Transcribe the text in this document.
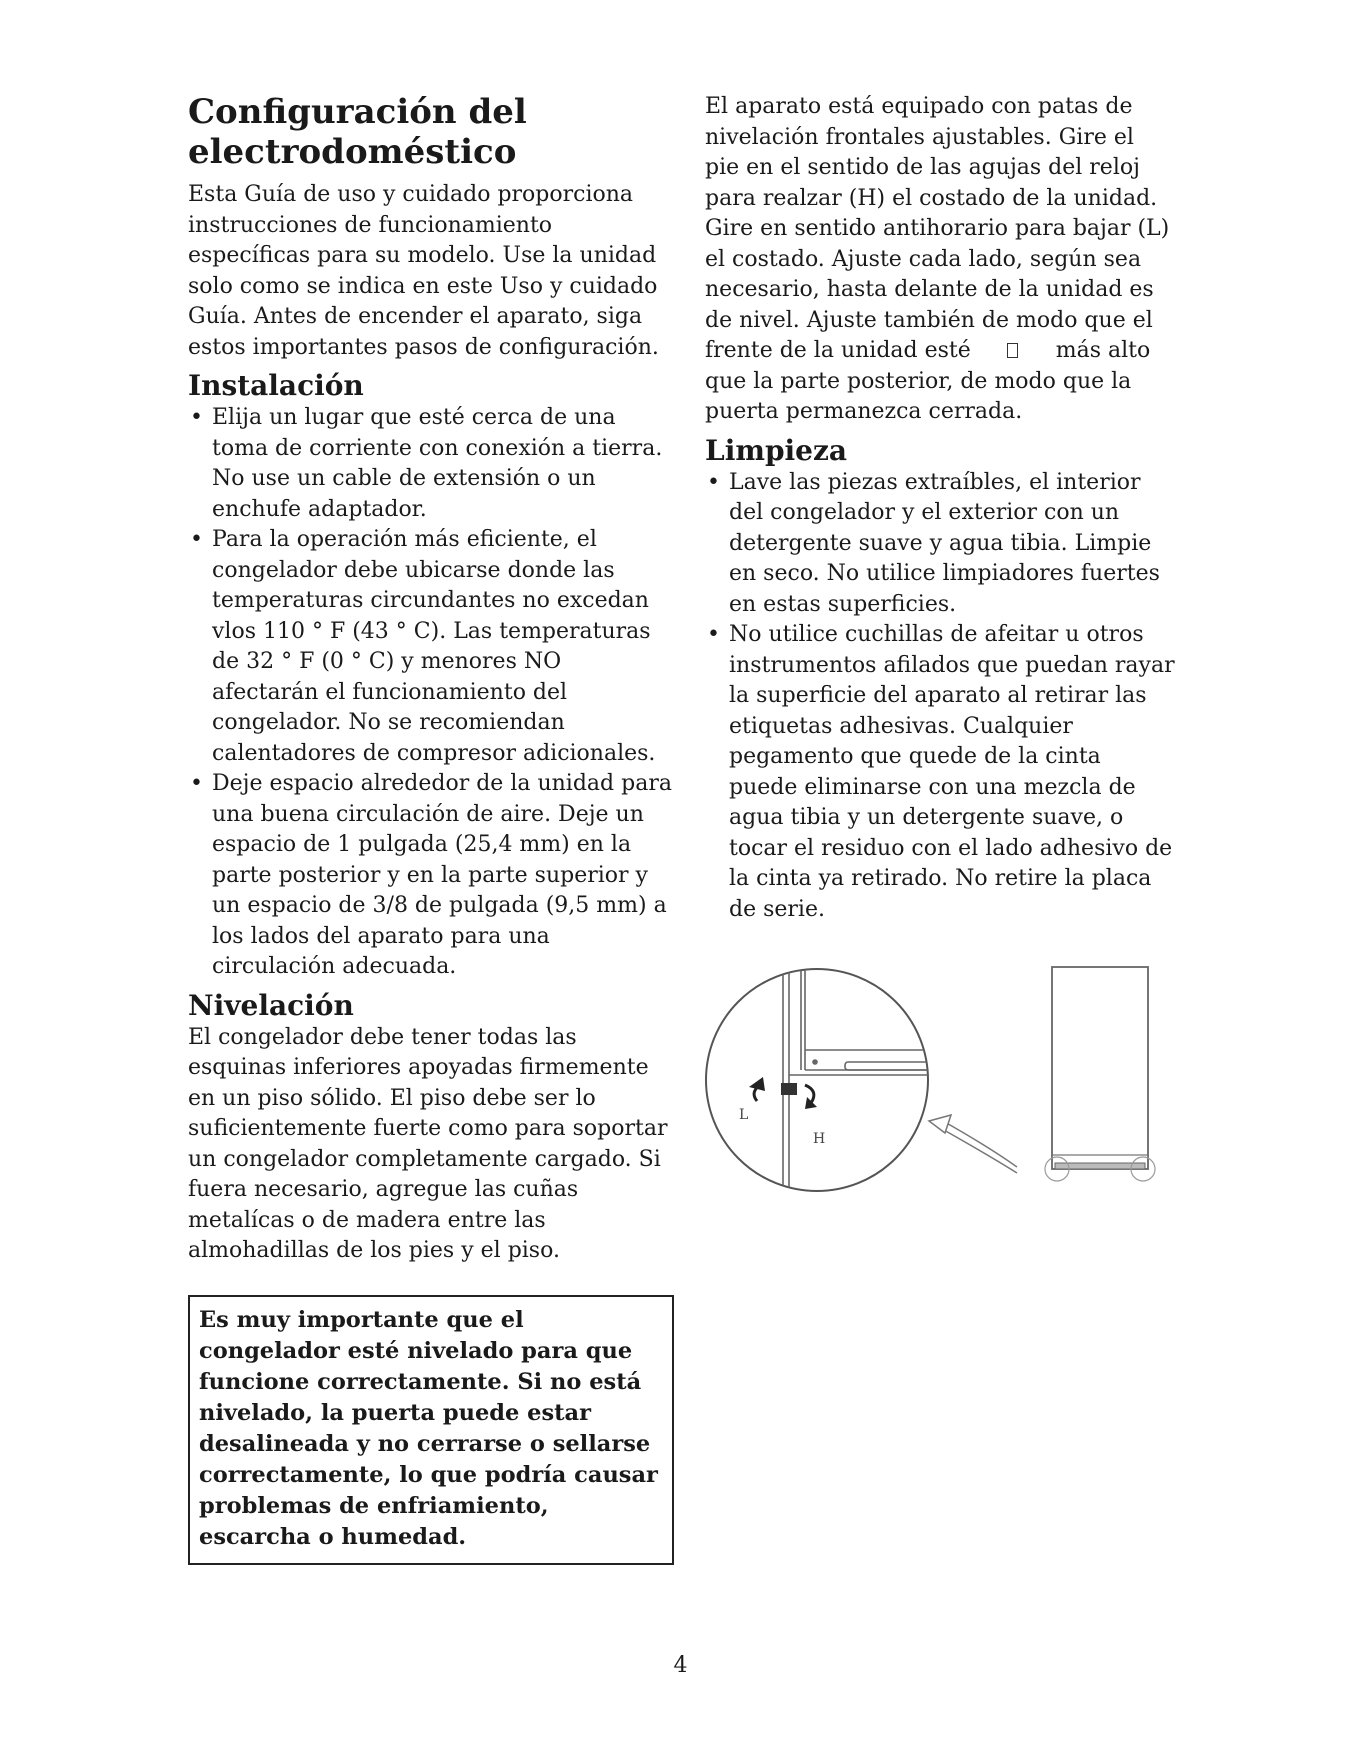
Configuración del electrodoméstico

Esta Guía de uso y cuidado proporciona instrucciones de funcionamiento específicas para su modelo. Use la unidad solo como se indica en este Uso y cuidado Guía. Antes de encender el aparato, siga estos importantes pasos de configuración.

Instalación
• Elija un lugar que esté cerca de una toma de corriente con conexión a tierra. No use un cable de extensión o un enchufe adaptador.
• Para la operación más eficiente, el congelador debe ubicarse donde las temperaturas circundantes no excedan vlos 110 ° F (43 ° C). Las temperaturas de 32 ° F (0 ° C) y menores NO afectarán el funcionamiento del congelador. No se recomiendan calentadores de compresor adicionales.
• Deje espacio alrededor de la unidad para una buena circulación de aire. Deje un espacio de 1 pulgada (25,4 mm) en la parte posterior y en la parte superior y un espacio de 3/8 de pulgada (9,5 mm) a los lados del aparato para una circulación adecuada.
Nivelación

El congelador debe tener todas las esquinas inferiores apoyadas firmemente en un piso sólido. El piso debe ser lo suficientemente fuerte como para soportar un congelador completamente cargado. Si fuera necesario, agregue las cuñas metalícas o de madera entre las almohadillas de los pies y el piso.

Es muy importante que el congelador esté nivelado para que funcione correctamente. Si no está nivelado, la puerta puede estar desalineada y no cerrarse o sellarse correctamente, lo que podría causar problemas de enfriamiento, escarcha o humedad.

El aparato está equipado con patas de nivelación frontales ajustables. Gire el pie en el sentido de las agujas del reloj para realzar (H) el costado de la unidad. Gire en sentido antihorario para bajar (L) el costado. Ajuste cada lado, según sea necesario, hasta delante de la unidad es de nivel. Ajuste también de modo que el frente de la unidad esté	más alto que la parte posterior, de modo que la puerta permanezca cerrada.

Limpieza
• Lave las piezas extraíbles, el interior del congelador y el exterior con un detergente suave y agua tibia. Limpie en seco. No utilice limpiadores fuertes en estas superficies.
• No utilice cuchillas de afeitar u otros instrumentos afilados que puedan rayar la superficie del aparato al retirar las etiquetas adhesivas. Cualquier pegamento que quede de la cinta puede eliminarse con una mezcla de agua tibia y un detergente suave, o tocar el residuo con el lado adhesivo de la cinta ya retirado. No retire la placa de serie.
L
H
4
